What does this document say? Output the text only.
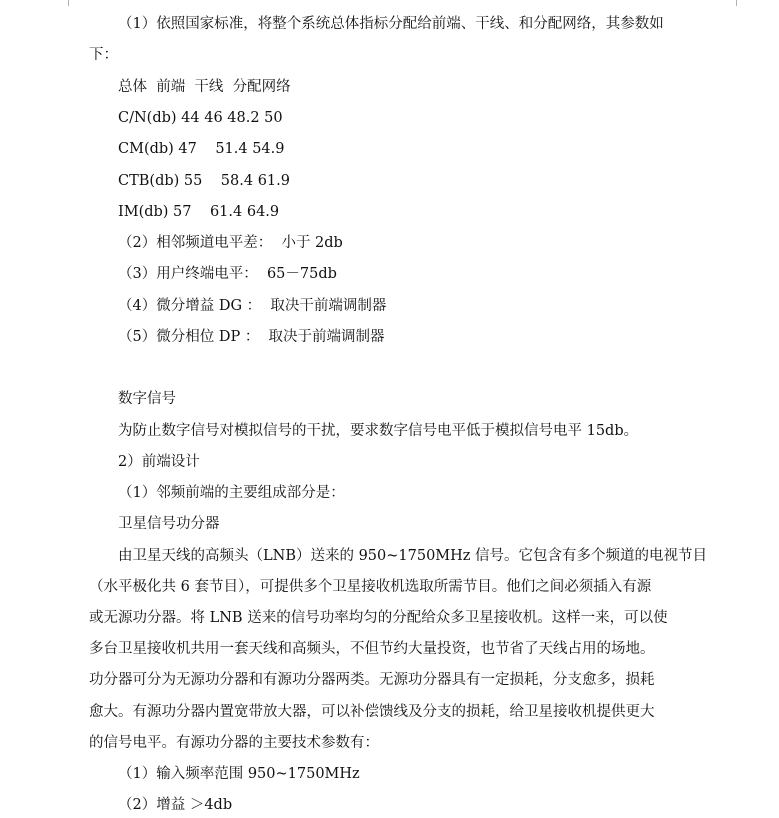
（1）依照国家标准，将整个系统总体指标分配给前端、干线、和分配网络，其参数如
下：
总体  前端  干线  分配网络
C/N(db) 44 46 48.2 50
CM(db) 47    51.4 54.9
CTB(db) 55    58.4 61.9
IM(db) 57    61.4 64.9
（2）相邻频道电平差：  小于 2db
（3）用户终端电平：  65－75db
（4）微分增益 DG ：  取决干前端调制器
（5）微分相位 DP ：  取决于前端调制器
数字信号
为防止数字信号对模拟信号的干扰，要求数字信号电平低于模拟信号电平 15db。
2）前端设计
（1）邻频前端的主要组成部分是：
卫星信号功分器
由卫星天线的高频头（LNB）送来的 950~1750MHz 信号。它包含有多个频道的电视节目
（水平极化共 6 套节目），可提供多个卫星接收机选取所需节目。他们之间必须插入有源
或无源功分器。将 LNB 送来的信号功率均匀的分配给众多卫星接收机。这样一来，可以使
多台卫星接收机共用一套天线和高频头，不但节约大量投资，也节省了天线占用的场地。
功分器可分为无源功分器和有源功分器两类。无源功分器具有一定损耗，分支愈多，损耗
愈大。有源功分器内置宽带放大器，可以补偿馈线及分支的损耗，给卫星接收机提供更大
的信号电平。有源功分器的主要技术参数有：
（1）输入频率范围 950~1750MHz
（2）增益 ＞4db
